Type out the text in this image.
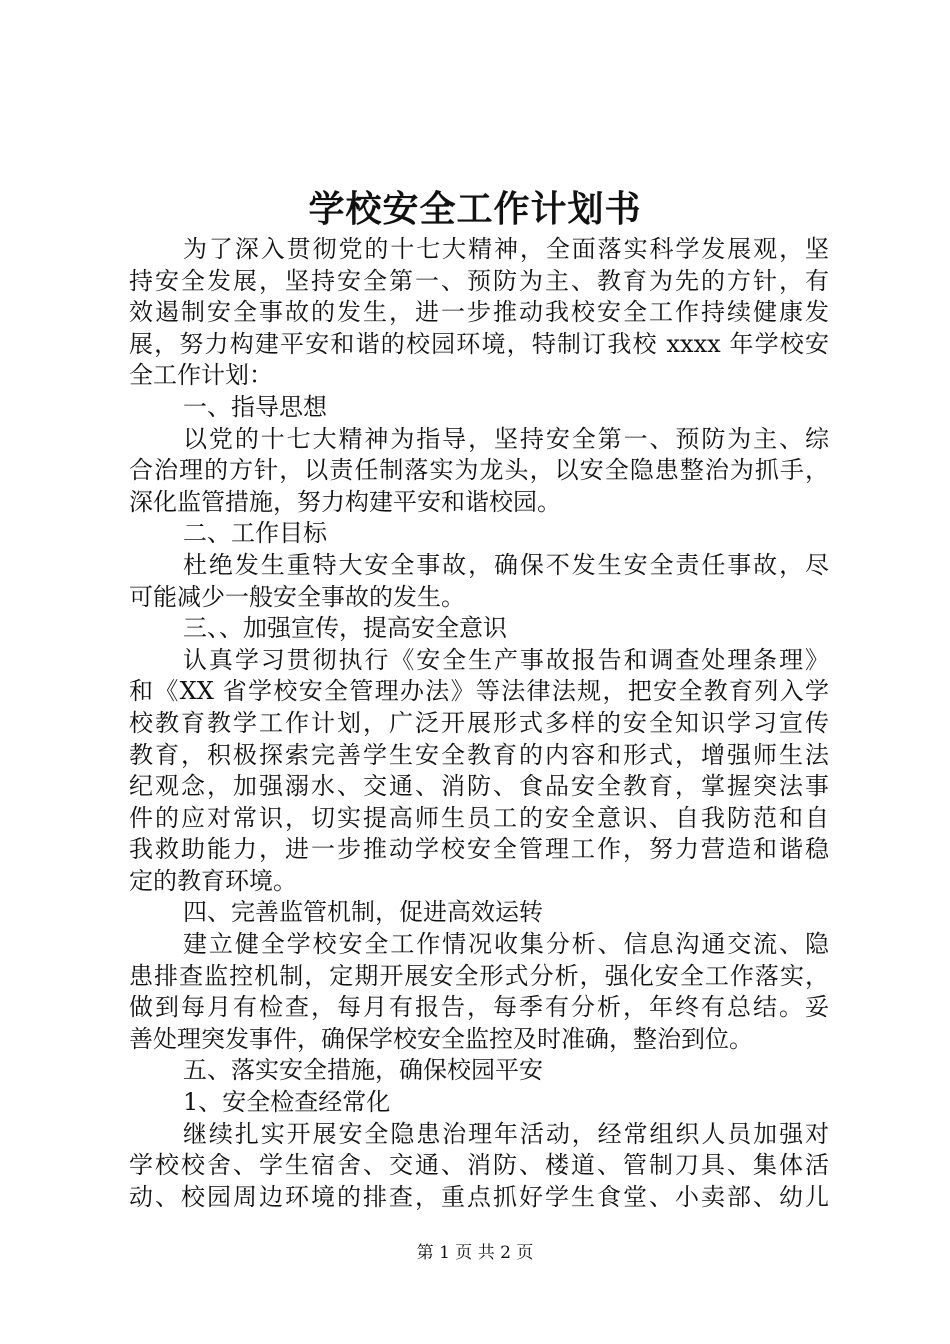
学校安全工作计划书
为了深入贯彻党的十七大精神，全面落实科学发展观，坚
持安全发展，坚持安全第一、预防为主、教育为先的方针，有
效遏制安全事故的发生，进一步推动我校安全工作持续健康发
展，努力构建平安和谐的校园环境，特制订我校 xxxx 年学校安
全工作计划：
一、指导思想
以党的十七大精神为指导，坚持安全第一、预防为主、综
合治理的方针，以责任制落实为龙头，以安全隐患整治为抓手，
深化监管措施，努力构建平安和谐校园。
二、工作目标
杜绝发生重特大安全事故，确保不发生安全责任事故，尽
可能减少一般安全事故的发生。
三、、加强宣传，提高安全意识
认真学习贯彻执行《安全生产事故报告和调查处理条理》
和《XX 省学校安全管理办法》等法律法规，把安全教育列入学
校教育教学工作计划，广泛开展形式多样的安全知识学习宣传
教育，积极探索完善学生安全教育的内容和形式，增强师生法
纪观念，加强溺水、交通、消防、食品安全教育，掌握突法事
件的应对常识，切实提高师生员工的安全意识、自我防范和自
我救助能力，进一步推动学校安全管理工作，努力营造和谐稳
定的教育环境。
四、完善监管机制，促进高效运转
建立健全学校安全工作情况收集分析、信息沟通交流、隐
患排查监控机制，定期开展安全形式分析，强化安全工作落实，
做到每月有检查，每月有报告，每季有分析，年终有总结。妥
善处理突发事件，确保学校安全监控及时准确，整治到位。
五、落实安全措施，确保校园平安
1、安全检查经常化
继续扎实开展安全隐患治理年活动，经常组织人员加强对
学校校舍、学生宿舍、交通、消防、楼道、管制刀具、集体活
动、校园周边环境的排查，重点抓好学生食堂、小卖部、幼儿
第 1 页 共 2 页
